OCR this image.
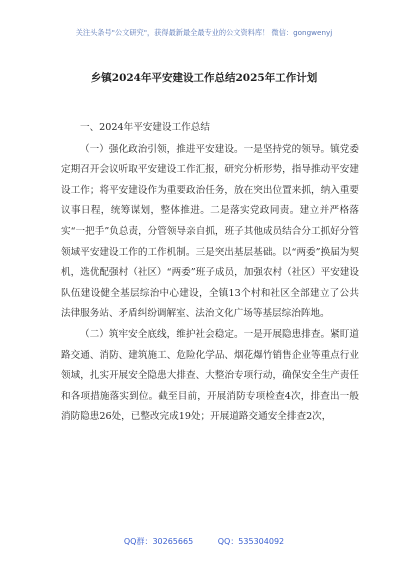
关注头条号"公文研究"，获得最新最全最专业的公文资料库！ 微信：gongwenyj
乡镇2024年平安建设工作总结2025年工作计划
一、2024年平安建设工作总结

（一）强化政治引领，推进平安建设。一是坚持党的领导。镇党委定期召开会议听取平安建设工作汇报，研究分析形势，指导推动平安建设工作；将平安建设作为重要政治任务，放在突出位置来抓，纳入重要议事日程，统筹谋划，整体推进。二是落实党政同责。建立并严格落实“一把手”负总责，分管领导亲自抓，班子其他成员结合分工抓好分管领域平安建设工作的工作机制。三是突出基层基础。以“两委”换届为契机，选优配强村（社区）“两委”班子成员，加强农村（社区）平安建设队伍建设健全基层综治中心建设，全镇13个村和社区全部建立了公共法律服务站、矛盾纠纷调解室、法治文化广场等基层综治阵地。

（二）筑牢安全底线，维护社会稳定。一是开展隐患排查。紧盯道路交通、消防、建筑施工、危险化学品、烟花爆竹销售企业等重点行业领域，扎实开展安全隐患大排查、大整治专项行动，确保安全生产责任和各项措施落实到位。截至目前，开展消防专项检查4次，排查出一般消防隐患26处，已整改完成19处；开展道路交通安全排查2次，

QQ群：30265665	QQ：535304092
